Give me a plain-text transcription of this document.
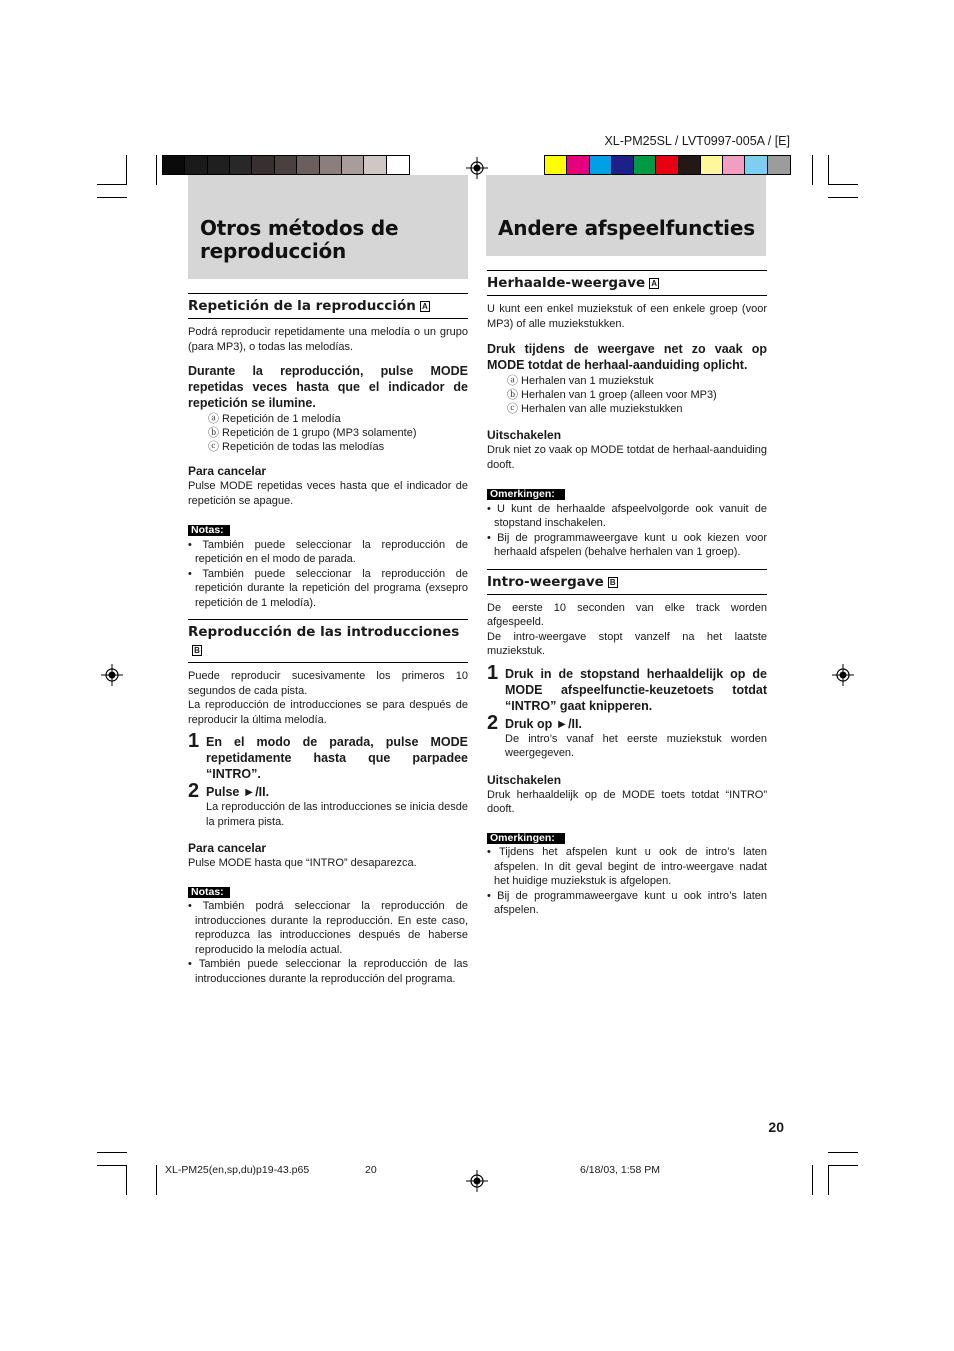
XL-PM25SL / LVT0997-005A / [E]
Otros métodos de reproducción
Andere afspeelfuncties
Repetición de la reproducción A

Podrá reproducir repetidamente una melodía o un grupo (para MP3), o todas las melodías.

Durante la reproducción, pulse MODE repetidas veces hasta que el indicador de repetición se ilumine.

ⓐ Repetición de 1 melodía

ⓑ Repetición de 1 grupo (MP3 solamente)

ⓒ Repetición de todas las melodías

Para cancelar

Pulse MODE repetidas veces hasta que el indicador de repetición se apague.

Notas:

• También puede seleccionar la reproducción de repetición en el modo de parada.

• También puede seleccionar la reproducción de repetición durante la repetición del programa (exsepro repetición de 1 melodía).

Reproducción de las introduccionesB

Puede reproducir sucesivamente los primeros 10 segundos de cada pista.

La reproducción de introducciones se para después de reproducir la última melodía.

1 En el modo de parada, pulse MODE repetidamente hasta que parpadee “INTRO”.

2 Pulse ►/II.

La reproducción de las introducciones se inicia desde la primera pista.

Para cancelar

Pulse MODE hasta que “INTRO” desaparezca.

Notas:

• También podrá seleccionar la reproducción de introducciones durante la reproducción. En este caso, reproduzca las introducciones después de haberse reproducido la melodía actual.

• También puede seleccionar la reproducción de las introducciones durante la reproducción del programa.

Herhaalde-weergave A

U kunt een enkel muziekstuk of een enkele groep (voor MP3) of alle muziekstukken.

Druk tijdens de weergave net zo vaak op MODE totdat de herhaal-aanduiding oplicht.

ⓐ Herhalen van 1 muziekstuk

ⓑ Herhalen van 1 groep (alleen voor MP3)

ⓒ Herhalen van alle muziekstukken

Uitschakelen

Druk niet zo vaak op MODE totdat de herhaal-aanduiding dooft.

Omerkingen:

• U kunt de herhaalde afspeelvolgorde ook vanuit de stopstand inschakelen.

• Bij de programmaweergave kunt u ook kiezen voor herhaald afspelen (behalve herhalen van 1 groep).

Intro-weergave B

De eerste 10 seconden van elke track worden afgespeeld.

De intro-weergave stopt vanzelf na het laatste muziekstuk.

1 Druk in de stopstand herhaaldelijk op de MODE afspeelfunctie-keuzetoets totdat “INTRO” gaat knipperen.

2 Druk op ►/II.

De intro’s vanaf het eerste muziekstuk worden weergegeven.

Uitschakelen

Druk herhaaldelijk op de MODE toets totdat “INTRO” dooft.

Omerkingen:

• Tijdens het afspelen kunt u ook de intro’s laten afspelen. In dit geval begint de intro-weergave nadat het huidige muziekstuk is afgelopen.

• Bij de programmaweergave kunt u ook intro’s laten afspelen.

20
XL-PM25(en,sp,du)p19-43.p65	20	6/18/03, 1:58 PM
